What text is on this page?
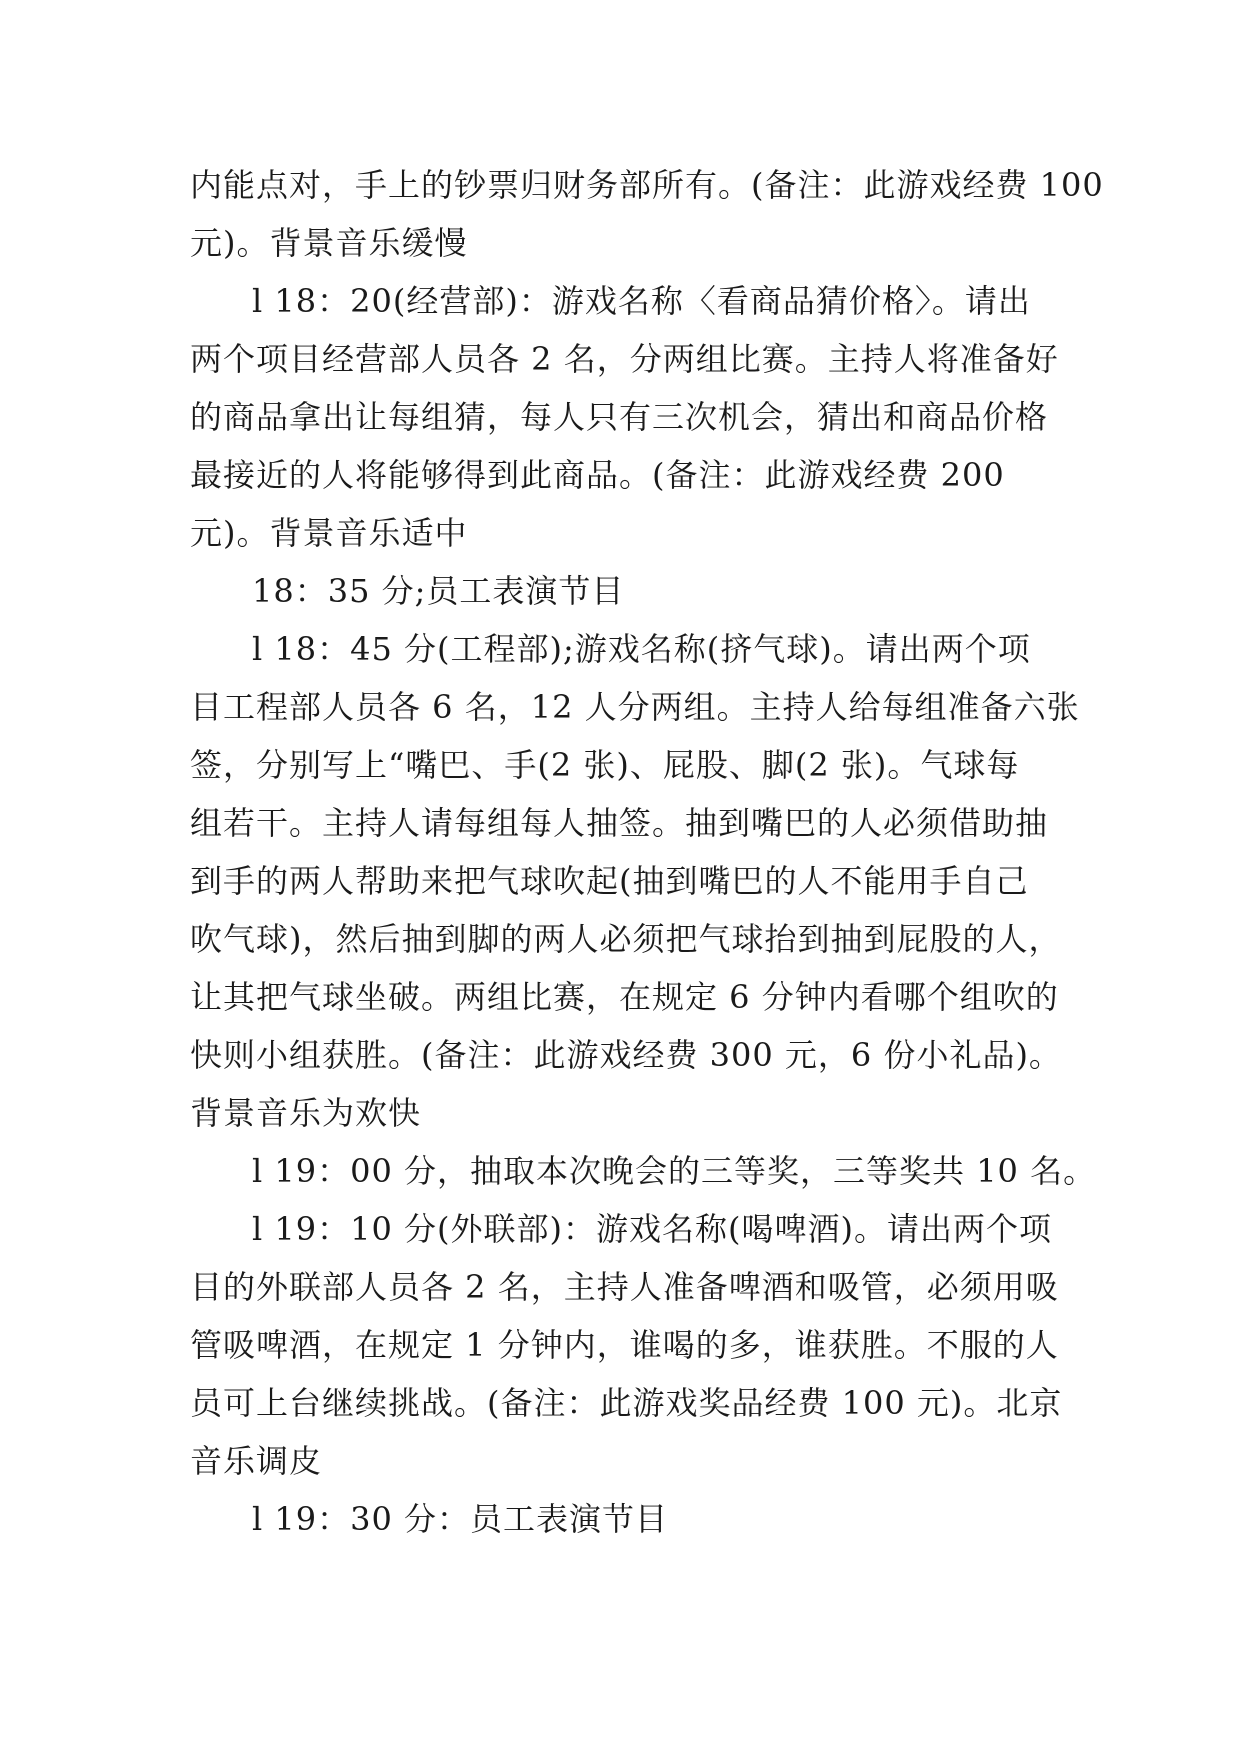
内能点对，手上的钞票归财务部所有。(备注：此游戏经费 100
元)。背景音乐缓慢
l 18：20(经营部)：游戏名称〈看商品猜价格〉。请出
两个项目经营部人员各 2 名，分两组比赛。主持人将准备好
的商品拿出让每组猜，每人只有三次机会，猜出和商品价格
最接近的人将能够得到此商品。(备注：此游戏经费 200
元)。背景音乐适中
18：35 分;员工表演节目
l 18：45 分(工程部);游戏名称(挤气球)。请出两个项
目工程部人员各 6 名，12 人分两组。主持人给每组准备六张
签，分别写上“嘴巴、手(2 张)、屁股、脚(2 张)。气球每
组若干。主持人请每组每人抽签。抽到嘴巴的人必须借助抽
到手的两人帮助来把气球吹起(抽到嘴巴的人不能用手自己
吹气球)，然后抽到脚的两人必须把气球抬到抽到屁股的人，
让其把气球坐破。两组比赛，在规定 6 分钟内看哪个组吹的
快则小组获胜。(备注：此游戏经费 300 元，6 份小礼品)。
背景音乐为欢快
l 19：00 分，抽取本次晚会的三等奖，三等奖共 10 名。
l 19：10 分(外联部)：游戏名称(喝啤酒)。请出两个项
目的外联部人员各 2 名，主持人准备啤酒和吸管，必须用吸
管吸啤酒，在规定 1 分钟内，谁喝的多，谁获胜。不服的人
员可上台继续挑战。(备注：此游戏奖品经费 100 元)。北京
音乐调皮
l 19：30 分：员工表演节目
